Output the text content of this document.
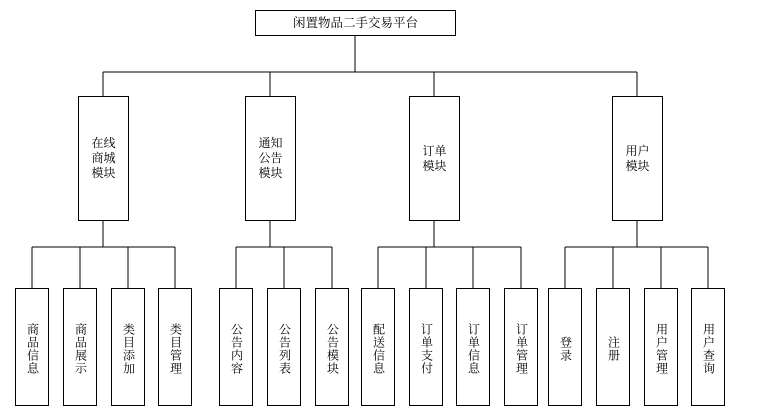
闲置物品二手交易平台
在线商城模块
通知公告模块
订单模块
用户模块
商品信息	商品展示	类目添加	类目管理	公告内容	公告列表	公告模块	配送信息	订单支付	订单信息	订单管理	登录	注册	用户管理	用户查询
